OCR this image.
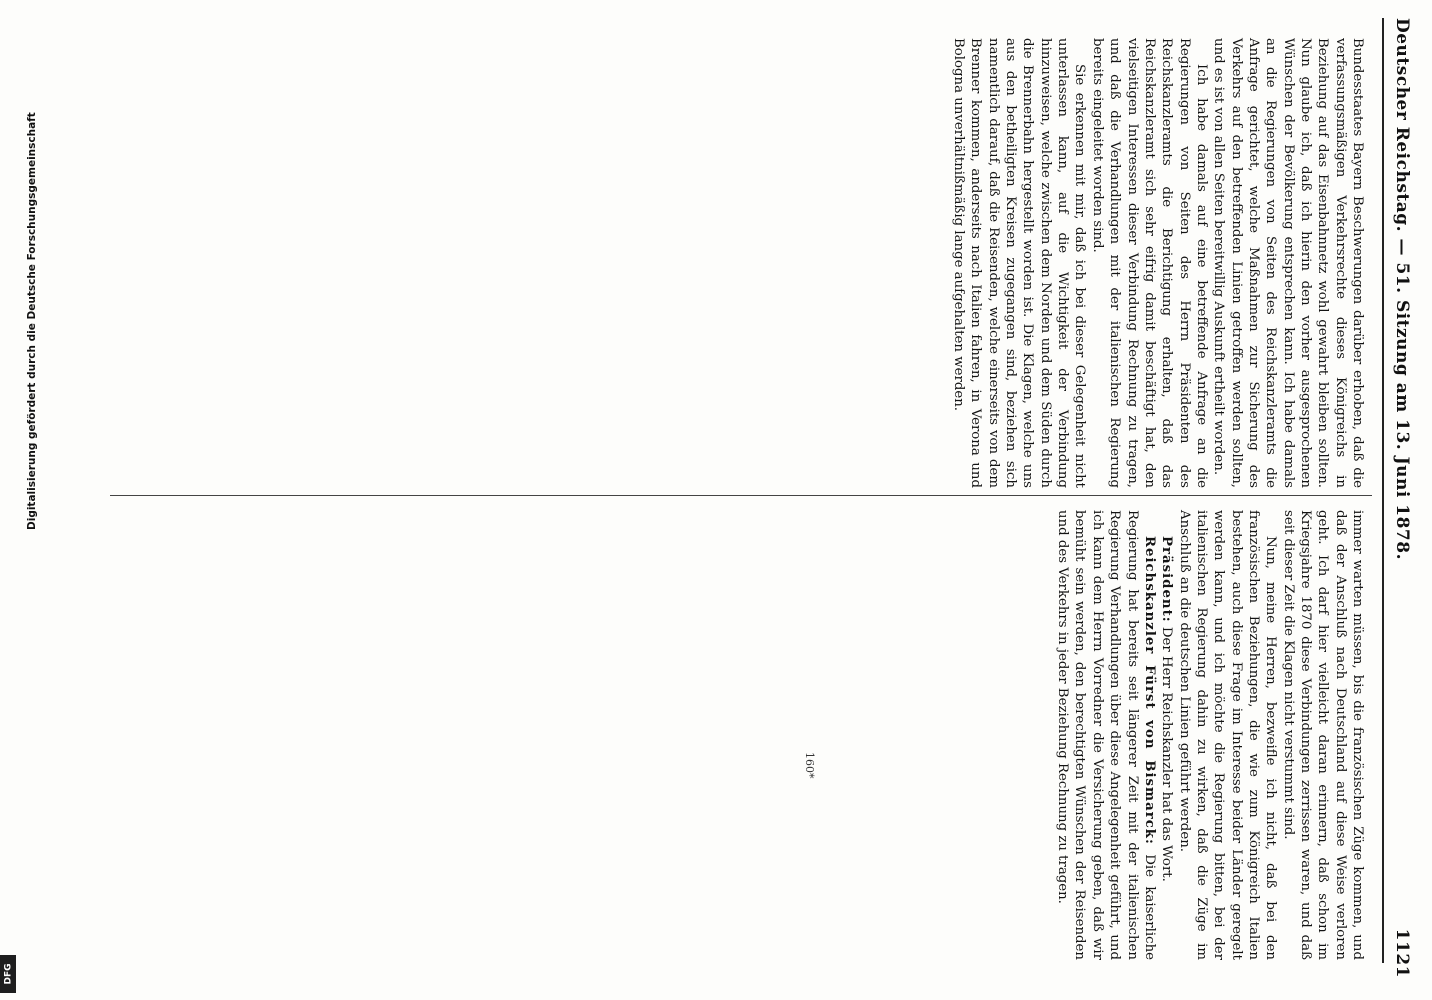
Deutscher Reichstag. — 51. Sitzung am 13. Juni 1878.
1121

Bundesstaates Bayern Beschwerungen darüber erhoben, daß die verfassungsmäßigen Verkehrsrechte dieses Königreichs in Beziehung auf das Eisenbahnnetz wohl gewahrt bleiben sollten. Nun glaube ich, daß ich hierin den vorher ausgesprochenen Wünschen der Bevölkerung entsprechen kann. Ich habe damals an die Regierungen von Seiten des Reichskanzleramts die Anfrage gerichtet, welche Maßnahmen zur Sicherung des Verkehrs auf den betreffenden Linien getroffen werden sollten, und es ist von allen Seiten bereitwillig Auskunft ertheilt worden.

Ich habe damals auf eine betreffende Anfrage an die Regierungen von Seiten des Herrn Präsidenten des Reichskanzleramts die Berichtigung erhalten, daß das Reichskanzleramt sich sehr eifrig damit beschäftigt hat, den vielseitigen Interessen dieser Verbindung Rechnung zu tragen, und daß die Verhandlungen mit der italienischen Regierung bereits eingeleitet worden sind.

Sie erkennen mit mir, daß ich bei dieser Gelegenheit nicht unterlassen kann, auf die Wichtigkeit der Verbindung hinzuweisen, welche zwischen dem Norden und dem Süden durch die Brennerbahn hergestellt worden ist. Die Klagen, welche uns aus den betheiligten Kreisen zugegangen sind, beziehen sich namentlich darauf, daß die Reisenden, welche einerseits von dem Brenner kommen, anderseits nach Italien fahren, in Verona und Bologna unverhältnißmäßig lange aufgehalten werden.

immer warten müssen, bis die französischen Züge kommen, und daß der Anschluß nach Deutschland auf diese Weise verloren geht. Ich darf hier vielleicht daran erinnern, daß schon im Kriegsjahre 1870 diese Verbindungen zerrissen waren, und daß seit dieser Zeit die Klagen nicht verstummt sind.

Nun, meine Herren, bezweifle ich nicht, daß bei den französischen Beziehungen, die wie zum Königreich Italien bestehen, auch diese Frage im Interesse beider Länder geregelt werden kann, und ich möchte die Regierung bitten, bei der italienischen Regierung dahin zu wirken, daß die Züge im Anschluß an die deutschen Linien geführt werden.

Präsident: Der Herr Reichskanzler hat das Wort.

Reichskanzler Fürst von Bismarck: Die kaiserliche Regierung hat bereits seit längerer Zeit mit der italienischen Regierung Verhandlungen über diese Angelegenheit geführt, und ich kann dem Herrn Vorredner die Versicherung geben, daß wir bemüht sein werden, den berechtigten Wünschen der Reisenden und des Verkehrs in jeder Beziehung Rechnung zu tragen.

160*
Digitalisierung gefördert durch die Deutsche Forschungsgemeinschaft
DFG
